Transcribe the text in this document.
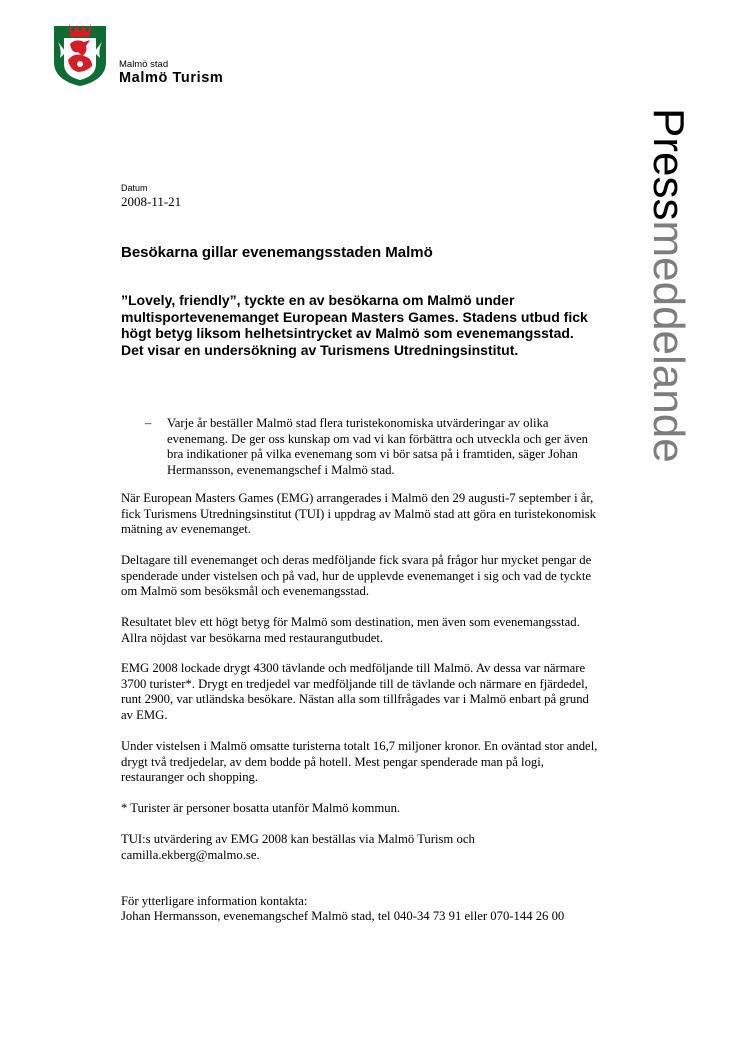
Malmö stad
Malmö Turism
Pressmeddelande
Datum
2008-11-21
Besökarna gillar evenemangsstaden Malmö

”Lovely, friendly”, tyckte en av besökarna om Malmö under multisportevenemanget European Masters Games. Stadens utbud fick högt betyg liksom helhetsintrycket av Malmö som evenemangsstad. Det visar en undersökning av Turismens Utredningsinstitut.

– Varje år beställer Malmö stad flera turistekonomiska utvärderingar av olika evenemang. De ger oss kunskap om vad vi kan förbättra och utveckla och ger även bra indikationer på vilka evenemang som vi bör satsa på i framtiden, säger Johan Hermansson, evenemangschef i Malmö stad.

När European Masters Games (EMG) arrangerades i Malmö den 29 augusti-7 september i år, fick Turismens Utredningsinstitut (TUI) i uppdrag av Malmö stad att göra en turistekonomisk mätning av evenemanget.

Deltagare till evenemanget och deras medföljande fick svara på frågor hur mycket pengar de spenderade under vistelsen och på vad, hur de upplevde evenemanget i sig och vad de tyckte om Malmö som besöksmål och evenemangsstad.

Resultatet blev ett högt betyg för Malmö som destination, men även som evenemangsstad. Allra nöjdast var besökarna med restaurangutbudet.

EMG 2008 lockade drygt 4300 tävlande och medföljande till Malmö. Av dessa var närmare 3700 turister*. Drygt en tredjedel var medföljande till de tävlande och närmare en fjärdedel, runt 2900, var utländska besökare. Nästan alla som tillfrågades var i Malmö enbart på grund av EMG.

Under vistelsen i Malmö omsatte turisterna totalt 16,7 miljoner kronor. En oväntad stor andel, drygt två tredjedelar, av dem bodde på hotell. Mest pengar spenderade man på logi, restauranger och shopping.

* Turister är personer bosatta utanför Malmö kommun.

TUI:s utvärdering av EMG 2008 kan beställas via Malmö Turism och camilla.ekberg@malmo.se.

För ytterligare information kontakta:

Johan Hermansson, evenemangschef Malmö stad, tel 040-34 73 91 eller 070-144 26 00
